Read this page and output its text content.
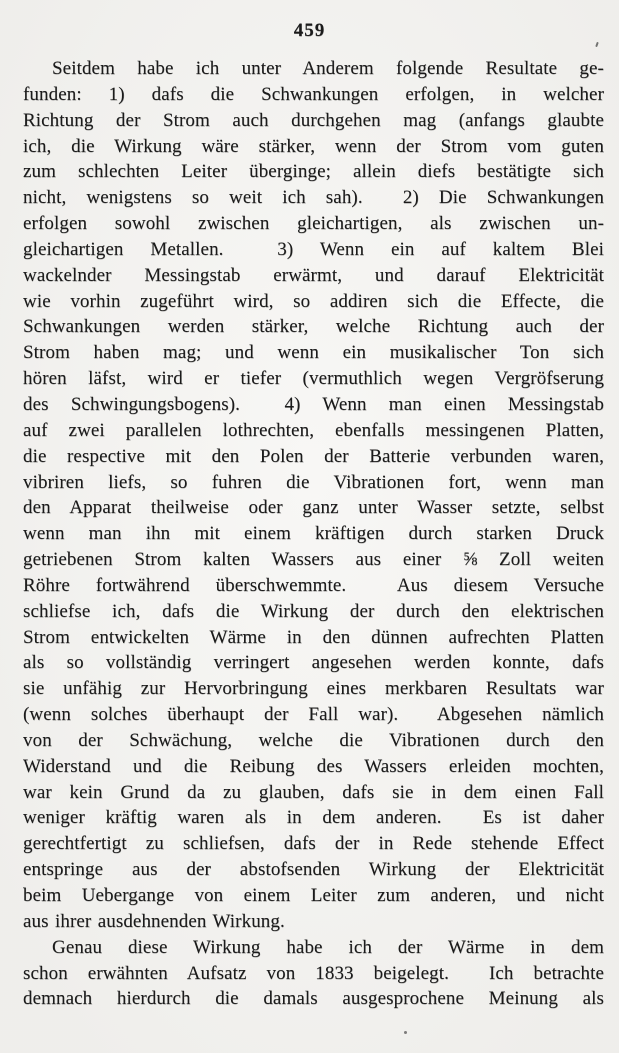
459
Seitdem habe ich unter Anderem folgende Resultate ge-
funden: 1) dafs die Schwankungen erfolgen, in welcher
Richtung der Strom auch durchgehen mag (anfangs glaubte
ich, die Wirkung wäre stärker, wenn der Strom vom guten
zum schlechten Leiter überginge; allein diefs bestätigte sich
nicht, wenigstens so weit ich sah).  2) Die Schwankungen
erfolgen sowohl zwischen gleichartigen, als zwischen un-
gleichartigen Metallen.  3) Wenn ein auf kaltem Blei
wackelnder Messingstab erwärmt, und darauf Elektricität
wie vorhin zugeführt wird, so addiren sich die Effecte, die
Schwankungen werden stärker, welche Richtung auch der
Strom haben mag; und wenn ein musikalischer Ton sich
hören läfst, wird er tiefer (vermuthlich wegen Vergröfserung
des Schwingungsbogens).  4) Wenn man einen Messingstab
auf zwei parallelen lothrechten, ebenfalls messingenen Platten,
die respective mit den Polen der Batterie verbunden waren,
vibriren liefs, so fuhren die Vibrationen fort, wenn man
den Apparat theilweise oder ganz unter Wasser setzte, selbst
wenn man ihn mit einem kräftigen durch starken Druck
getriebenen Strom kalten Wassers aus einer ⅝ Zoll weiten
Röhre fortwährend überschwemmte.  Aus diesem Versuche
schliefse ich, dafs die Wirkung der durch den elektrischen
Strom entwickelten Wärme in den dünnen aufrechten Platten
als so vollständig verringert angesehen werden konnte, dafs
sie unfähig zur Hervorbringung eines merkbaren Resultats war
(wenn solches überhaupt der Fall war).  Abgesehen nämlich
von der Schwächung, welche die Vibrationen durch den
Widerstand und die Reibung des Wassers erleiden mochten,
war kein Grund da zu glauben, dafs sie in dem einen Fall
weniger kräftig waren als in dem anderen.  Es ist daher
gerechtfertigt zu schliefsen, dafs der in Rede stehende Effect
entspringe aus der abstofsenden Wirkung der Elektricität
beim Uebergange von einem Leiter zum anderen, und nicht
aus ihrer ausdehnenden Wirkung.
Genau diese Wirkung habe ich der Wärme in dem
schon erwähnten Aufsatz von 1833 beigelegt.  Ich betrachte
demnach hierdurch die damals ausgesprochene Meinung als
